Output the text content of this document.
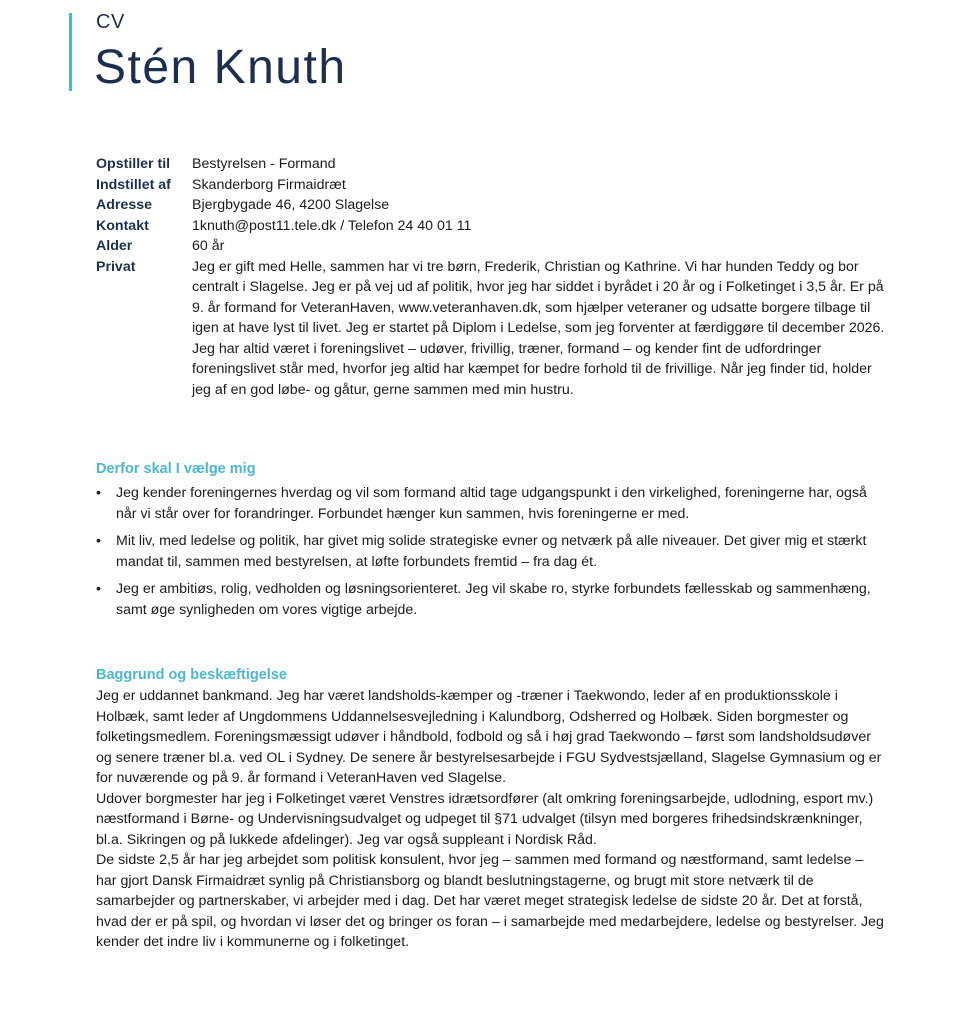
CV
Stén Knuth
Opstiller til	Bestyrelsen - Formand
Indstillet af	Skanderborg Firmaidræt
Adresse	Bjergbygade 46, 4200 Slagelse
Kontakt	1knuth@post11.tele.dk / Telefon 24 40 01 11
Alder	60 år
Privat	Jeg er gift med Helle, sammen har vi tre børn, Frederik, Christian og Kathrine. Vi har hunden Teddy og bor centralt i Slagelse. Jeg er på vej ud af politik, hvor jeg har siddet i byrådet i 20 år og i Folketinget i 3,5 år. Er på 9. år formand for VeteranHaven, www.veteranhaven.dk, som hjælper veteraner og udsatte borgere tilbage til igen at have lyst til livet. Jeg er startet på Diplom i Ledelse, som jeg forventer at færdiggøre til december 2026.

Jeg har altid været i foreningslivet – udøver, frivillig, træner, formand – og kender fint de udfordringer foreningslivet står med, hvorfor jeg altid har kæmpet for bedre forhold til de frivillige. Når jeg finder tid, holder jeg af en god løbe- og gåtur, gerne sammen med min hustru.

Derfor skal I vælge mig
• Jeg kender foreningernes hverdag og vil som formand altid tage udgangspunkt i den virkelighed, foreningerne har, også når vi står over for forandringer. Forbundet hænger kun sammen, hvis foreningerne er med.
• Mit liv, med ledelse og politik, har givet mig solide strategiske evner og netværk på alle niveauer. Det giver mig et stærkt mandat til, sammen med bestyrelsen, at løfte forbundets fremtid – fra dag ét.
• Jeg er ambitiøs, rolig, vedholden og løsningsorienteret. Jeg vil skabe ro, styrke forbundets fællesskab og sammenhæng, samt øge synligheden om vores vigtige arbejde.
Baggrund og beskæftigelse

Jeg er uddannet bankmand. Jeg har været landsholds-kæmper og -træner i Taekwondo, leder af en produktionsskole i Holbæk, samt leder af Ungdommens Uddannelsesvejledning i Kalundborg, Odsherred og Holbæk. Siden borgmester og folketingsmedlem. Foreningsmæssigt udøver i håndbold, fodbold og så i høj grad Taekwondo – først som landsholdsudøver og senere træner bl.a. ved OL i Sydney. De senere år bestyrelsesarbejde i FGU Sydvestsjælland, Slagelse Gymnasium og er for nuværende og på 9. år formand i VeteranHaven ved Slagelse.

Udover borgmester har jeg i Folketinget været Venstres idrætsordfører (alt omkring foreningsarbejde, udlodning, esport mv.) næstformand i Børne- og Undervisningsudvalget og udpeget til §71 udvalget (tilsyn med borgeres frihedsindskrænkninger, bl.a. Sikringen og på lukkede afdelinger). Jeg var også suppleant i Nordisk Råd.

De sidste 2,5 år har jeg arbejdet som politisk konsulent, hvor jeg – sammen med formand og næstformand, samt ledelse – har gjort Dansk Firmaidræt synlig på Christiansborg og blandt beslutningstagerne, og brugt mit store netværk til de samarbejder og partnerskaber, vi arbejder med i dag. Det har været meget strategisk ledelse de sidste 20 år. Det at forstå, hvad der er på spil, og hvordan vi løser det og bringer os foran – i samarbejde med medarbejdere, ledelse og bestyrelser. Jeg kender det indre liv i kommunerne og i folketinget.
